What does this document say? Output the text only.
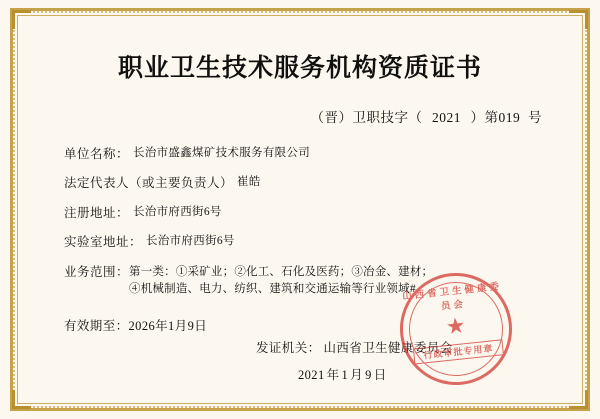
职业卫生技术服务机构资质证书
（晋）卫职技字（ 2021 ）第019 号
单位名称： 长治市盛鑫煤矿技术服务有限公司
法定代表人（或主要负责人） 崔皓
注册地址： 长治市府西街6号
实验室地址： 长治市府西街6号
业务范围： 第一类：①采矿业；②化工、石化及医药；③冶金、建材；
④机械制造、电力、纺织、建筑和交通运输等行业领域#
有效期至：2026年1月9日
发证机关： 山西省卫生健康委员会
2021 年 1 月 9 日
山西省卫生健康委员会
★
行政审批专用章
